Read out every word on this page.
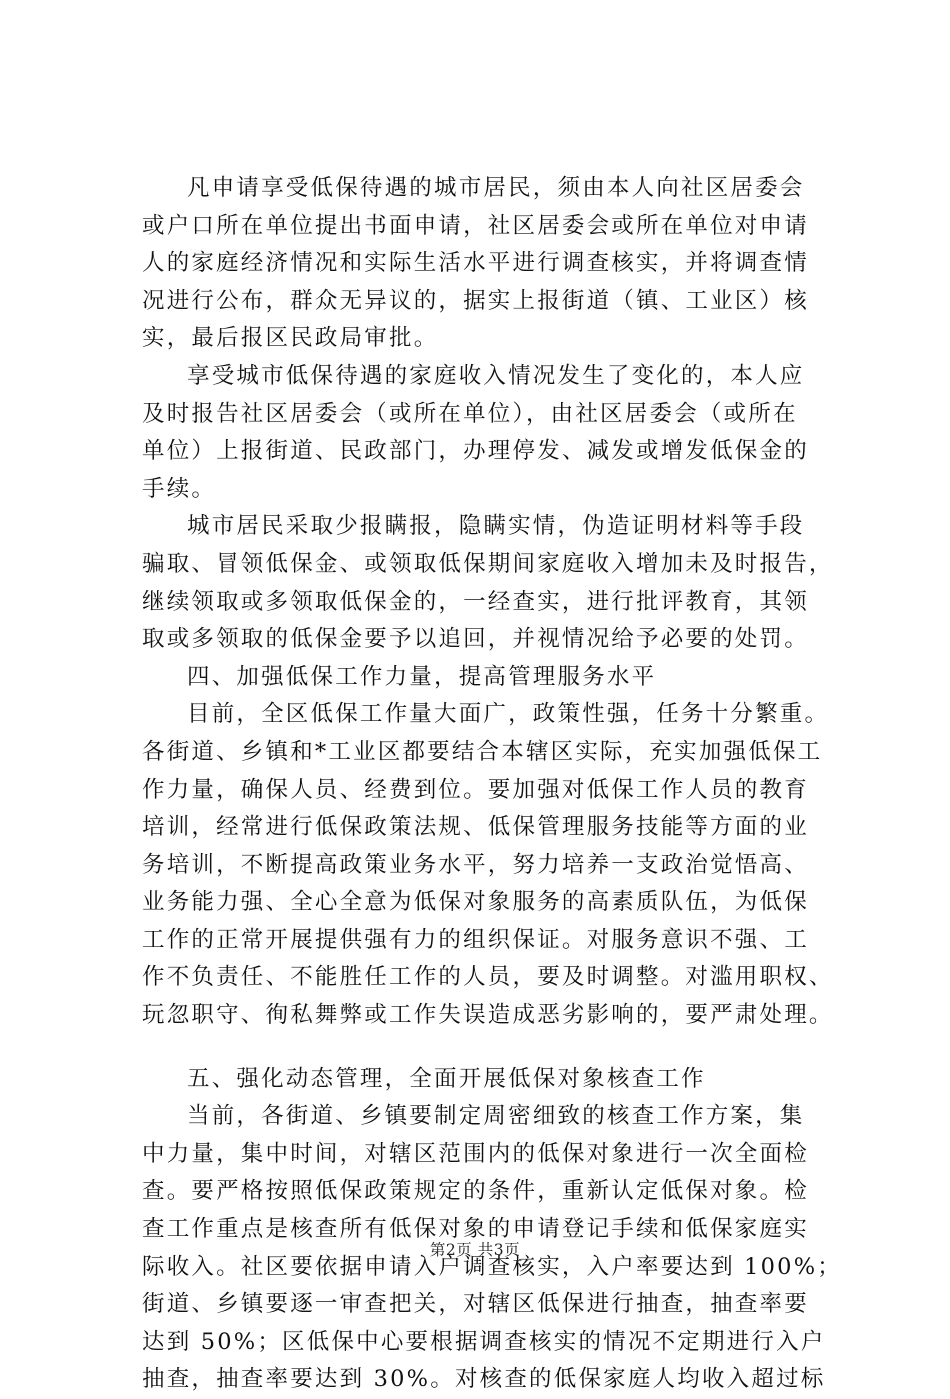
凡申请享受低保待遇的城市居民，须由本人向社区居委会
或户口所在单位提出书面申请，社区居委会或所在单位对申请
人的家庭经济情况和实际生活水平进行调查核实，并将调查情
况进行公布，群众无异议的，据实上报街道（镇、工业区）核
实，最后报区民政局审批。
享受城市低保待遇的家庭收入情况发生了变化的，本人应
及时报告社区居委会（或所在单位），由社区居委会（或所在
单位）上报街道、民政部门，办理停发、减发或增发低保金的
手续。
城市居民采取少报瞒报，隐瞒实情，伪造证明材料等手段
骗取、冒领低保金、或领取低保期间家庭收入增加未及时报告，
继续领取或多领取低保金的，一经查实，进行批评教育，其领
取或多领取的低保金要予以追回，并视情况给予必要的处罚。
四、加强低保工作力量，提高管理服务水平
目前，全区低保工作量大面广，政策性强，任务十分繁重。
各街道、乡镇和*工业区都要结合本辖区实际，充实加强低保工
作力量，确保人员、经费到位。要加强对低保工作人员的教育
培训，经常进行低保政策法规、低保管理服务技能等方面的业
务培训，不断提高政策业务水平，努力培养一支政治觉悟高、
业务能力强、全心全意为低保对象服务的高素质队伍，为低保
工作的正常开展提供强有力的组织保证。对服务意识不强、工
作不负责任、不能胜任工作的人员，要及时调整。对滥用职权、
玩忽职守、徇私舞弊或工作失误造成恶劣影响的，要严肃处理。
五、强化动态管理，全面开展低保对象核查工作
当前，各街道、乡镇要制定周密细致的核查工作方案，集
中力量，集中时间，对辖区范围内的低保对象进行一次全面检
查。要严格按照低保政策规定的条件，重新认定低保对象。检
查工作重点是核查所有低保对象的申请登记手续和低保家庭实
际收入。社区要依据申请入户调查核实，入户率要达到 100%；
街道、乡镇要逐一审查把关，对辖区低保进行抽查，抽查率要
达到 50%；区低保中心要根据调查核实的情况不定期进行入户
抽查，抽查率要达到 30%。对核查的低保家庭人均收入超过标
第2页 共3页
